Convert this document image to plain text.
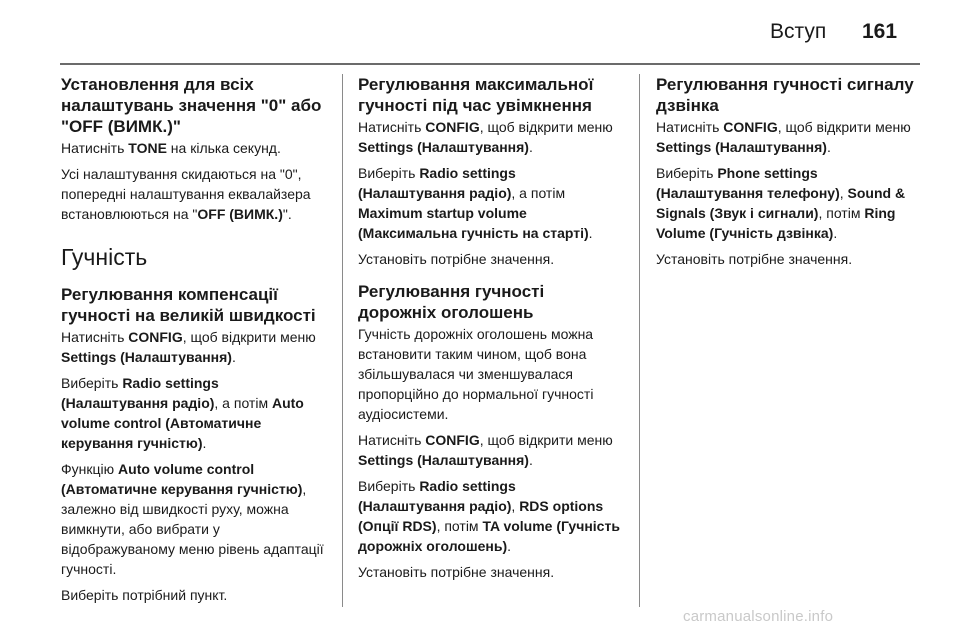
Вступ 161
Установлення для всіх налаштувань значення "0" або "OFF (ВИМК.)"

Натисніть TONE на кілька секунд.

Усі налаштування скидаються на "0", попередні налаштування еквалайзера встановлюються на "OFF (ВИМК.)".

Гучність
Регулювання компенсації гучності на великій швидкості

Натисніть CONFIG, щоб відкрити меню Settings (Налаштування).

Виберіть Radio settings (Налаштування радіо), а потім Auto volume control (Автоматичне керування гучністю).

Функцію Auto volume control (Автоматичне керування гучністю), залежно від швидкості руху, можна вимкнути, або вибрати у відображуваному меню рівень адаптації гучності.

Виберіть потрібний пункт.

Регулювання максимальної гучності під час увімкнення

Натисніть CONFIG, щоб відкрити меню Settings (Налаштування).

Виберіть Radio settings (Налаштування радіо), а потім Maximum startup volume (Максимальна гучність на старті).

Установіть потрібне значення.

Регулювання гучності дорожніх оголошень

Гучність дорожніх оголошень можна встановити таким чином, щоб вона збільшувалася чи зменшувалася пропорційно до нормальної гучності аудіосистеми.

Натисніть CONFIG, щоб відкрити меню Settings (Налаштування).

Виберіть Radio settings (Налаштування радіо), RDS options (Опції RDS), потім TA volume (Гучність дорожніх оголошень).

Установіть потрібне значення.

Регулювання гучності сигналу дзвінка

Натисніть CONFIG, щоб відкрити меню Settings (Налаштування).

Виберіть Phone settings (Налаштування телефону), Sound & Signals (Звук і сигнали), потім Ring Volume (Гучність дзвінка).

Установіть потрібне значення.

carmanualsonline.info
